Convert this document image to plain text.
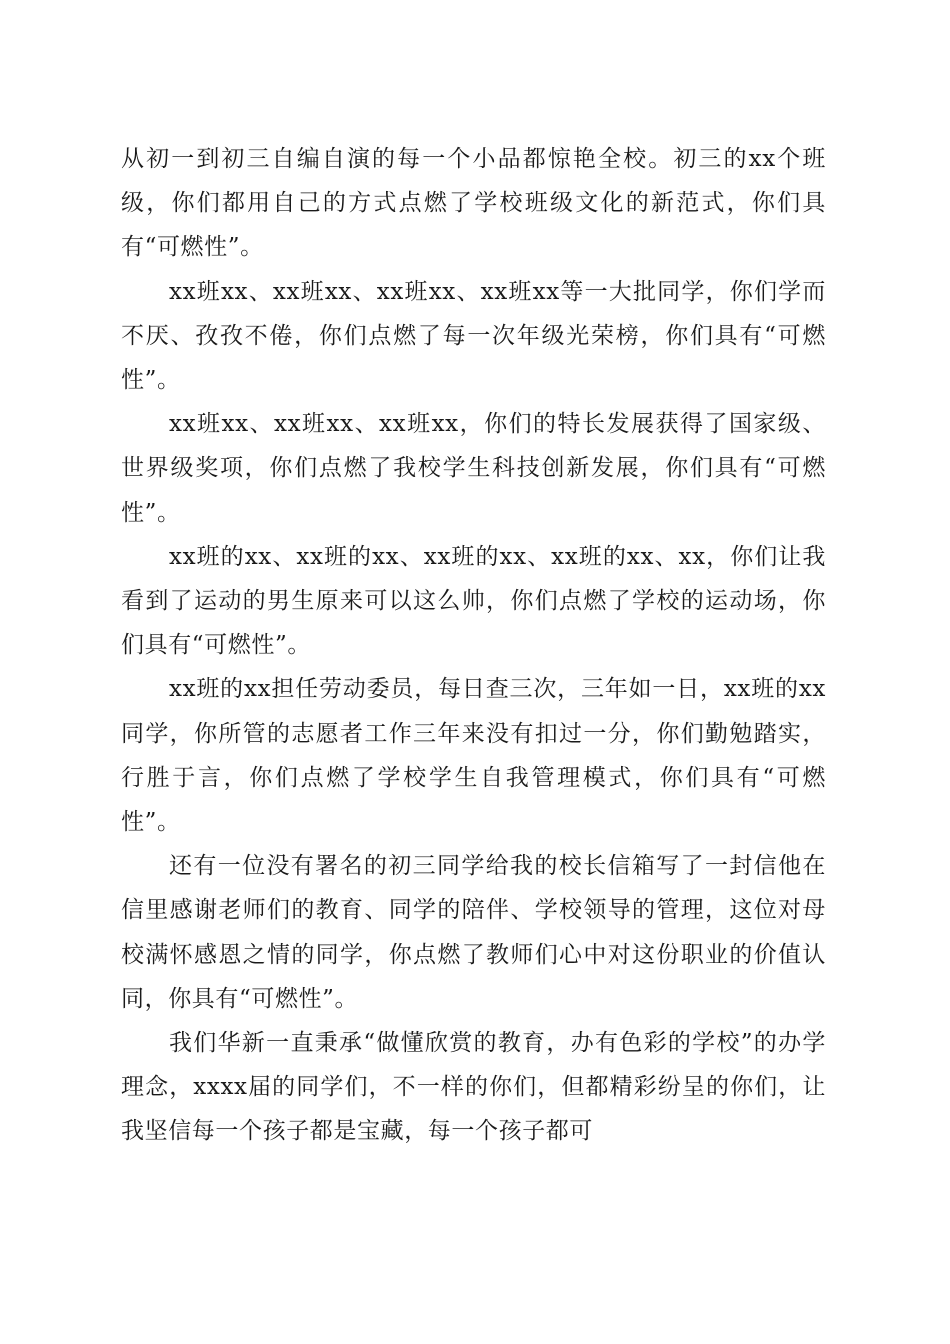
从初一到初三自编自演的每一个小品都惊艳全校。初三的xx个班级，你们都用自己的方式点燃了学校班级文化的新范式，你们具有“可燃性”。

xx班xx、xx班xx、xx班xx、xx班xx等一大批同学，你们学而不厌、孜孜不倦，你们点燃了每一次年级光荣榜，你们具有“可燃性”。

xx班xx、xx班xx、xx班xx，你们的特长发展获得了国家级、世界级奖项，你们点燃了我校学生科技创新发展，你们具有“可燃性”。

xx班的xx、xx班的xx、xx班的xx、xx班的xx、xx，你们让我看到了运动的男生原来可以这么帅，你们点燃了学校的运动场，你们具有“可燃性”。

xx班的xx担任劳动委员，每日查三次，三年如一日，xx班的xx同学，你所管的志愿者工作三年来没有扣过一分，你们勤勉踏实，行胜于言，你们点燃了学校学生自我管理模式，你们具有“可燃性”。

还有一位没有署名的初三同学给我的校长信箱写了一封信他在信里感谢老师们的教育、同学的陪伴、学校领导的管理，这位对母校满怀感恩之情的同学，你点燃了教师们心中对这份职业的价值认同，你具有“可燃性”。

我们华新一直秉承“做懂欣赏的教育，办有色彩的学校”的办学理念，xxxx届的同学们，不一样的你们，但都精彩纷呈的你们，让我坚信每一个孩子都是宝藏，每一个孩子都可
